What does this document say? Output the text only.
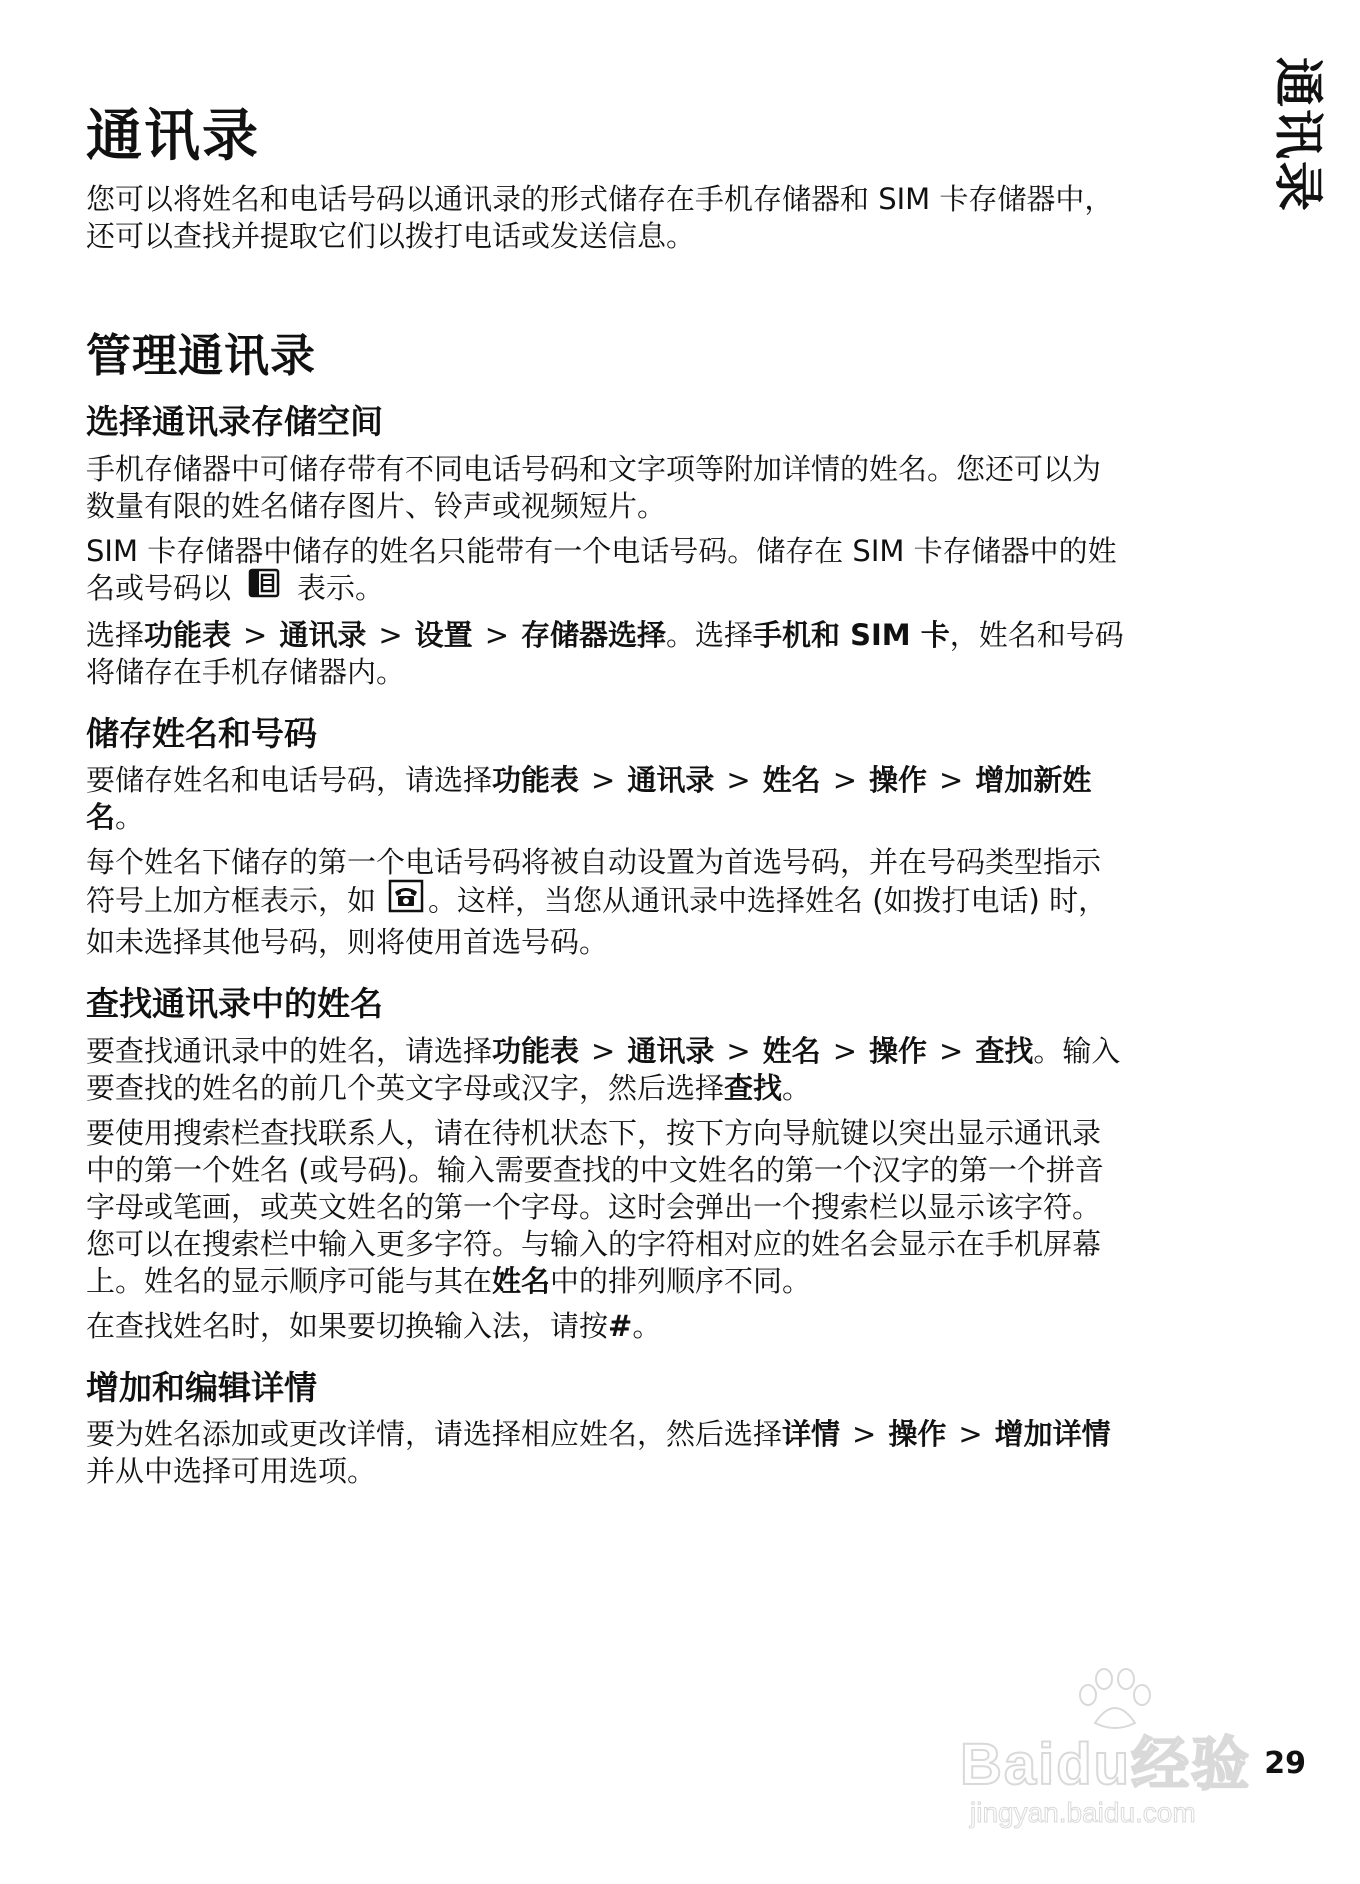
通讯录
通讯录

您可以将姓名和电话号码以通讯录的形式储存在手机存储器和 SIM 卡存储器中，
还可以查找并提取它们以拨打电话或发送信息。

管理通讯录
选择通讯录存储空间

手机存储器中可储存带有不同电话号码和文字项等附加详情的姓名。您还可以为
数量有限的姓名储存图片、铃声或视频短片。

SIM 卡存储器中储存的姓名只能带有一个电话号码。储存在 SIM 卡存储器中的姓
名或号码以 表示。

选择功能表 > 通讯录 > 设置 > 存储器选择。选择手机和 SIM 卡，姓名和号码
将储存在手机存储器内。

储存姓名和号码

要储存姓名和电话号码，请选择功能表 > 通讯录 > 姓名 > 操作 > 增加新姓
名。

每个姓名下储存的第一个电话号码将被自动设置为首选号码，并在号码类型指示
符号上加方框表示，如 。这样，当您从通讯录中选择姓名 (如拨打电话) 时，
如未选择其他号码，则将使用首选号码。

查找通讯录中的姓名

要查找通讯录中的姓名，请选择功能表 > 通讯录 > 姓名 > 操作 > 查找。输入
要查找的姓名的前几个英文字母或汉字，然后选择查找。

要使用搜索栏查找联系人，请在待机状态下，按下方向导航键以突出显示通讯录
中的第一个姓名 (或号码)。输入需要查找的中文姓名的第一个汉字的第一个拼音
字母或笔画，或英文姓名的第一个字母。这时会弹出一个搜索栏以显示该字符。
您可以在搜索栏中输入更多字符。与输入的字符相对应的姓名会显示在手机屏幕
上。姓名的显示顺序可能与其在姓名中的排列顺序不同。

在查找姓名时，如果要切换输入法，请按#。

增加和编辑详情

要为姓名添加或更改详情，请选择相应姓名，然后选择详情 > 操作 > 增加详情
并从中选择可用选项。

Baidu经验
jingyan.baidu.com
29
